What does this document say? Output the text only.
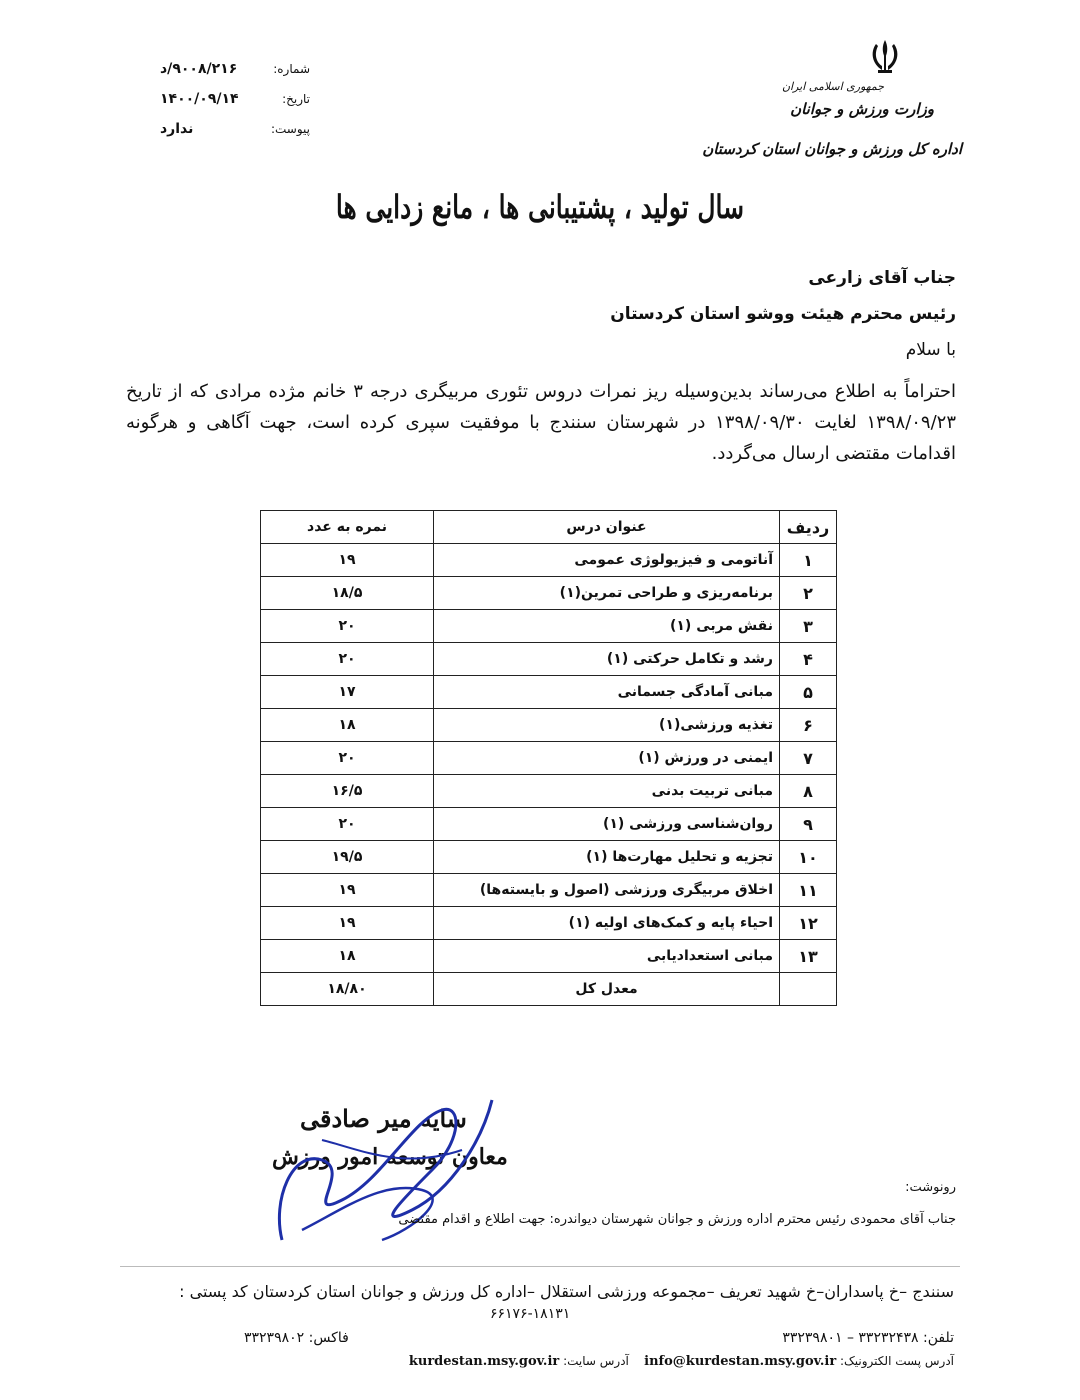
جمهوری اسلامی ایران
وزارت ورزش و جوانان
اداره کل ورزش و جوانان استان کردستان
شماره:
۹۰۰۸/۲۱۶/د
تاریخ:
۱۴۰۰/۰۹/۱۴
پیوست:
ندارد
سال تولید ، پشتیبانی ها ، مانع زدایی ها
جناب آقای زارعی
رئیس محترم هیئت ووشو استان کردستان
با سلام
احتراماً به اطلاع می‌رساند بدین‌وسیله ریز نمرات دروس تئوری مربیگری درجه ۳ خانم مژده مرادی که از تاریخ ۱۳۹۸/۰۹/۲۳ لغایت ۱۳۹۸/۰۹/۳۰ در شهرستان سنندج با موفقیت سپری کرده است، جهت آگاهی و هرگونه اقدامات مقتضی ارسال می‌گردد.
ردیف	عنوان درس	نمره به عدد
۱	آناتومی و فیزیولوژی عمومی	۱۹
۲	برنامه‌ریزی و طراحی تمرین(۱)	۱۸/۵
۳	نقش مربی (۱)	۲۰
۴	رشد و تکامل حرکتی (۱)	۲۰
۵	مبانی آمادگی جسمانی	۱۷
۶	تغذیه ورزشی(۱)	۱۸
۷	ایمنی در ورزش (۱)	۲۰
۸	مبانی تربیت بدنی	۱۶/۵
۹	روان‌شناسی ورزشی (۱)	۲۰
۱۰	تجزیه و تحلیل مهارت‌ها (۱)	۱۹/۵
۱۱	اخلاق مربیگری ورزشی (اصول و بایسته‌ها)	۱۹
۱۲	احیاء پایه و کمک‌های اولیه (۱)	۱۹
۱۳	مبانی استعدادیابی	۱۸
	معدل کل	۱۸/۸۰
سایه میر صادقی
معاون توسعه امور ورزش
رونوشت:
جناب آقای محمودی رئیس محترم اداره ورزش و جوانان شهرستان دیواندره: جهت اطلاع و اقدام مقتضی
سنندج –خ پاسداران–خ شهید تعریف –مجموعه ورزشی استقلال –اداره کل ورزش و جوانان استان کردستان کد پستی :
۶۶۱۷۶-۱۸۱۳۱
تلفن: ۳۳۲۳۲۴۳۸ – ۳۳۲۳۹۸۰۱
فاکس: ۳۳۲۳۹۸۰۲
آدرس پست الکترونیک: info@kurdestan.msy.gov.ir    آدرس سایت: kurdestan.msy.gov.ir
